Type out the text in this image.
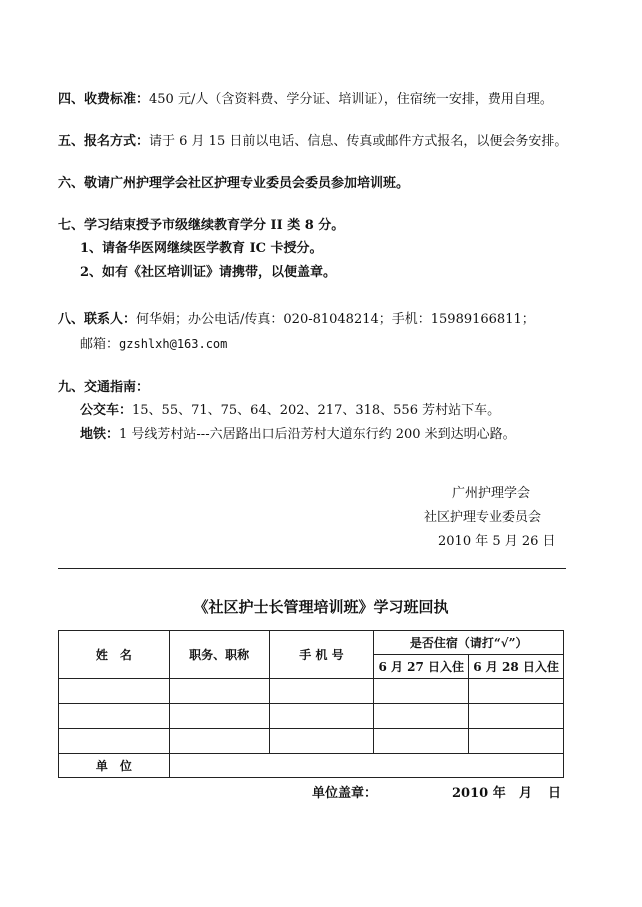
四、收费标准：450 元/人（含资料费、学分证、培训证），住宿统一安排，费用自理。
五、报名方式：请于 6 月 15 日前以电话、信息、传真或邮件方式报名，以便会务安排。
六、敬请广州护理学会社区护理专业委员会委员参加培训班。
七、学习结束授予市级继续教育学分 II 类 8 分。
1、请备华医网继续医学教育 IC 卡授分。
2、如有《社区培训证》请携带，以便盖章。
八、联系人：何华娟；办公电话/传真：020-81048214；手机：15989166811；
邮箱：gzshlxh@163.com
九、交通指南：
公交车：15、55、71、75、64、202、217、318、556 芳村站下车。
地铁：1 号线芳村站---六居路出口后沿芳村大道东行约 200 米到达明心路。
广州护理学会
社区护理专业委员会
2010 年 5 月 26 日
《社区护士长管理培训班》学习班回执
姓　名	职务、职称	手 机 号	是否住宿（请打“√”）	
			6 月 27 日入住	6 月 28 日入住

单　位				
单位盖章：	2010 年 月 日
